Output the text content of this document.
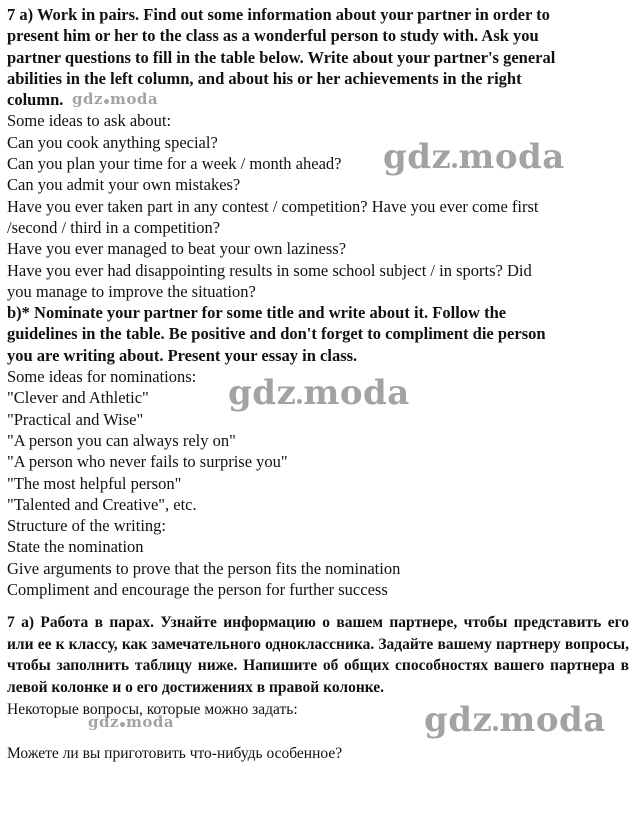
7 a) Work in pairs. Find out some information about your partner in order to
present him or her to the class as a wonderful person to study with. Ask you
partner questions to fill in the table below. Write about your partner's general
abilities in the left column, and about his or her achievements in the right
column.
Some ideas to ask about:
Can you cook anything special?
Can you plan your time for a week / month ahead?
Can you admit your own mistakes?
Have you ever taken part in any contest / competition? Have you ever come first
/second / third in a competition?
Have you ever managed to beat your own laziness?
Have you ever had disappointing results in some school subject / in sports? Did
you manage to improve the situation?
b)* Nominate your partner for some title and write about it. Follow the
guidelines in the table. Be positive and don't forget to compliment die person
you are writing about. Present your essay in class.
Some ideas for nominations:
"Clever and Athletic"
"Practical and Wise"
"A person you can always rely on"
"A person who never fails to surprise you"
"The most helpful person"
"Talented and Creative", etc.
Structure of the writing:
State the nomination
Give arguments to prove that the person fits the nomination
Compliment and encourage the person for further success
7 а) Работа в парах. Узнайте информацию о вашем партнере, чтобы представить его или ее к классу, как замечательного одноклассника. Задайте вашему партнеру вопросы, чтобы заполнить таблицу ниже. Напишите об общих способностях вашего партнера в левой колонке и о его достижениях в правой колонке.
Некоторые вопросы, которые можно задать:
Можете ли вы приготовить что-нибудь особенное?
gdz moda
gdz moda
gdz moda
gdz moda	gdz moda
